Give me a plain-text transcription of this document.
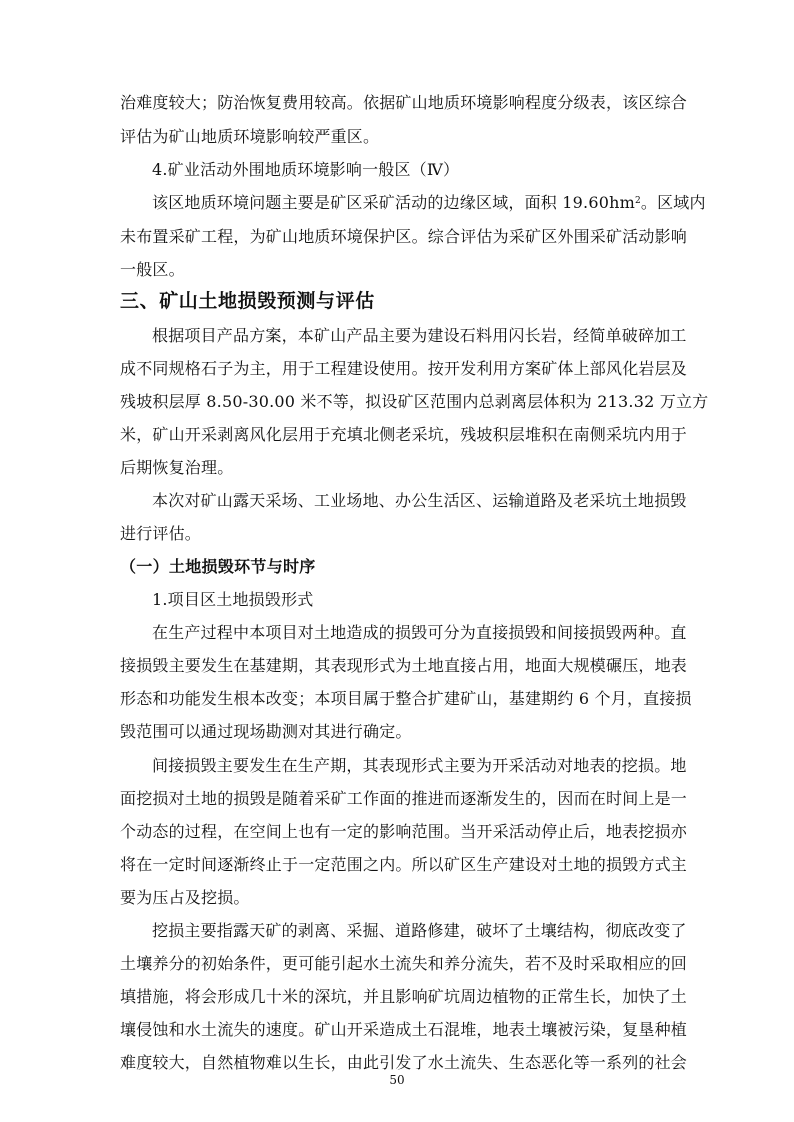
治难度较大；防治恢复费用较高。依据矿山地质环境影响程度分级表，该区综合
评估为矿山地质环境影响较严重区。
4.矿业活动外围地质环境影响一般区（Ⅳ）
该区地质环境问题主要是矿区采矿活动的边缘区域，面积 $19.60hm^2$。区域内
未布置采矿工程，为矿山地质环境保护区。综合评估为采矿区外围采矿活动影响
一般区。
三、矿山土地损毁预测与评估
根据项目产品方案，本矿山产品主要为建设石料用闪长岩，经简单破碎加工
成不同规格石子为主，用于工程建设使用。按开发利用方案矿体上部风化岩层及
残坡积层厚 8.50-30.00 米不等，拟设矿区范围内总剥离层体积为 213.32 万立方
米，矿山开采剥离风化层用于充填北侧老采坑，残坡积层堆积在南侧采坑内用于
后期恢复治理。
本次对矿山露天采场、工业场地、办公生活区、运输道路及老采坑土地损毁
进行评估。
（一）土地损毁环节与时序
1.项目区土地损毁形式
在生产过程中本项目对土地造成的损毁可分为直接损毁和间接损毁两种。直
接损毁主要发生在基建期，其表现形式为土地直接占用，地面大规模碾压，地表
形态和功能发生根本改变；本项目属于整合扩建矿山，基建期约 6 个月，直接损
毁范围可以通过现场勘测对其进行确定。
间接损毁主要发生在生产期，其表现形式主要为开采活动对地表的挖损。地
面挖损对土地的损毁是随着采矿工作面的推进而逐渐发生的，因而在时间上是一
个动态的过程，在空间上也有一定的影响范围。当开采活动停止后，地表挖损亦
将在一定时间逐渐终止于一定范围之内。所以矿区生产建设对土地的损毁方式主
要为压占及挖损。
挖损主要指露天矿的剥离、采掘、道路修建，破坏了土壤结构，彻底改变了
土壤养分的初始条件，更可能引起水土流失和养分流失，若不及时采取相应的回
填措施，将会形成几十米的深坑，并且影响矿坑周边植物的正常生长，加快了土
壤侵蚀和水土流失的速度。矿山开采造成土石混堆，地表土壤被污染，复垦种植
难度较大，自然植物难以生长，由此引发了水土流失、生态恶化等一系列的社会
50
